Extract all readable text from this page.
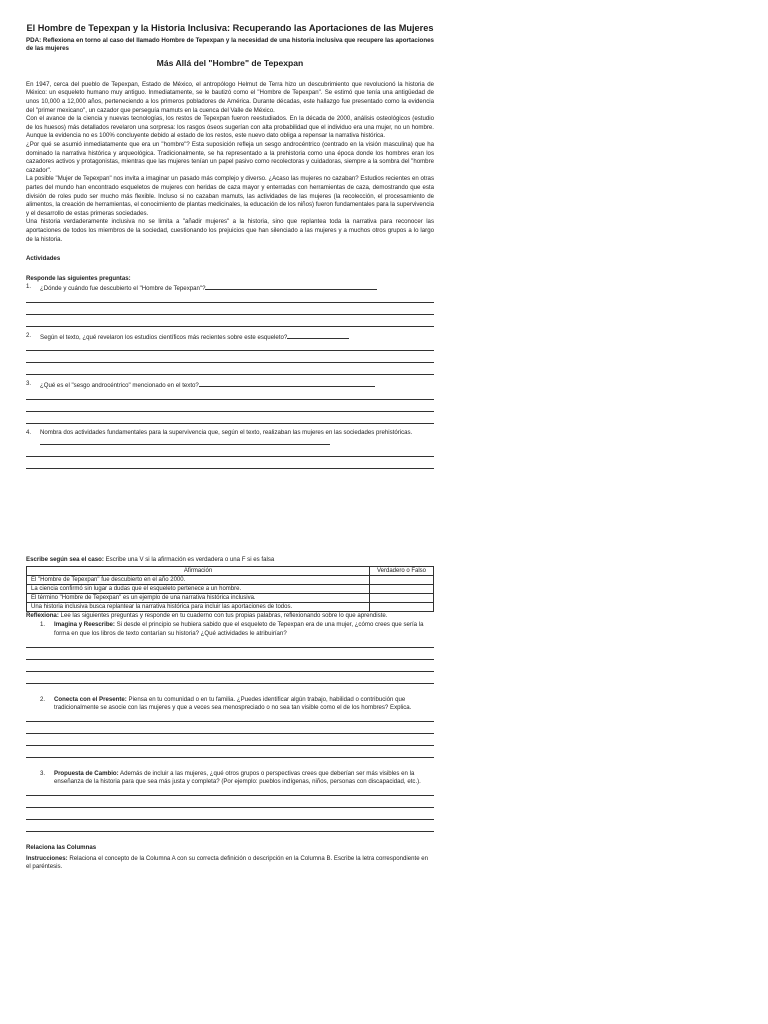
El Hombre de Tepexpan y la Historia Inclusiva: Recuperando las Aportaciones de las Mujeres

PDA: Reflexiona en torno al caso del llamado Hombre de Tepexpan y la necesidad de una historia inclusiva que recupere las aportaciones de las mujeres

Más Allá del "Hombre" de Tepexpan

En 1947, cerca del pueblo de Tepexpan, Estado de México, el antropólogo Helmut de Terra hizo un descubrimiento que revolucionó la historia de México: un esqueleto humano muy antiguo. Inmediatamente, se le bautizó como el "Hombre de Tepexpan". Se estimó que tenía una antigüedad de unos 10,000 a 12,000 años, perteneciendo a los primeros pobladores de América. Durante décadas, este hallazgo fue presentado como la evidencia del "primer mexicano", un cazador que perseguía mamuts en la cuenca del Valle de México.

Con el avance de la ciencia y nuevas tecnologías, los restos de Tepexpan fueron reestudiados. En la década de 2000, análisis osteológicos (estudio de los huesos) más detallados revelaron una sorpresa: los rasgos óseos sugerían con alta probabilidad que el individuo era una mujer, no un hombre. Aunque la evidencia no es 100% concluyente debido al estado de los restos, este nuevo dato obliga a repensar la narrativa histórica.

¿Por qué se asumió inmediatamente que era un "hombre"? Esta suposición refleja un sesgo androcéntrico (centrado en la visión masculina) que ha dominado la narrativa histórica y arqueológica. Tradicionalmente, se ha representado a la prehistoria como una época donde los hombres eran los cazadores activos y protagonistas, mientras que las mujeres tenían un papel pasivo como recolectoras y cuidadoras, siempre a la sombra del "hombre cazador".

La posible "Mujer de Tepexpan" nos invita a imaginar un pasado más complejo y diverso. ¿Acaso las mujeres no cazaban? Estudios recientes en otras partes del mundo han encontrado esqueletos de mujeres con heridas de caza mayor y enterradas con herramientas de caza, demostrando que esta división de roles pudo ser mucho más flexible. Incluso si no cazaban mamuts, las actividades de las mujeres (la recolección, el procesamiento de alimentos, la creación de herramientas, el conocimiento de plantas medicinales, la educación de los niños) fueron fundamentales para la supervivencia y el desarrollo de estas primeras sociedades.

Una historia verdaderamente inclusiva no se limita a "añadir mujeres" a la historia, sino que replantea toda la narrativa para reconocer las aportaciones de todos los miembros de la sociedad, cuestionando los prejuicios que han silenciado a las mujeres y a muchos otros grupos a lo largo de la historia.

Actividades
Responde las siguientes preguntas:
1.	¿Dónde y cuándo fue descubierto el "Hombre de Tepexpan"?
2.	Según el texto, ¿qué revelaron los estudios científicos más recientes sobre este esqueleto?
3.	¿Qué es el "sesgo androcéntrico" mencionado en el texto?
4.	Nombra dos actividades fundamentales para la supervivencia que, según el texto, realizaban las mujeres en las sociedades prehistóricas.
Escribe según sea el caso: Escribe una V si la afirmación es verdadera o una F si es falsa
Afirmación	Verdadero o Falso
El "Hombre de Tepexpan" fue descubierto en el año 2000.	
La ciencia confirmó sin lugar a dudas que el esqueleto pertenece a un hombre.	
El término "Hombre de Tepexpan" es un ejemplo de una narrativa histórica inclusiva.	
Una historia inclusiva busca replantear la narrativa histórica para incluir las aportaciones de todos.	
Reflexiona: Lee las siguientes preguntas y responde en tu cuaderno con tus propias palabras, reflexionando sobre lo que aprendiste.
1.	Imagina y Reescribe: Si desde el principio se hubiera sabido que el esqueleto de Tepexpan era de una mujer, ¿cómo crees que sería la forma en que los libros de texto contarían su historia? ¿Qué actividades le atribuirían?
2.	Conecta con el Presente: Piensa en tu comunidad o en tu familia. ¿Puedes identificar algún trabajo, habilidad o contribución que tradicionalmente se asocie con las mujeres y que a veces sea menospreciado o no sea tan visible como el de los hombres? Explica.
3.	Propuesta de Cambio: Además de incluir a las mujeres, ¿qué otros grupos o perspectivas crees que deberían ser más visibles en la enseñanza de la historia para que sea más justa y completa? (Por ejemplo: pueblos indígenas, niños, personas con discapacidad, etc.).
Relaciona las Columnas
Instrucciones: Relaciona el concepto de la Columna A con su correcta definición o descripción en la Columna B. Escribe la letra correspondiente en el paréntesis.
